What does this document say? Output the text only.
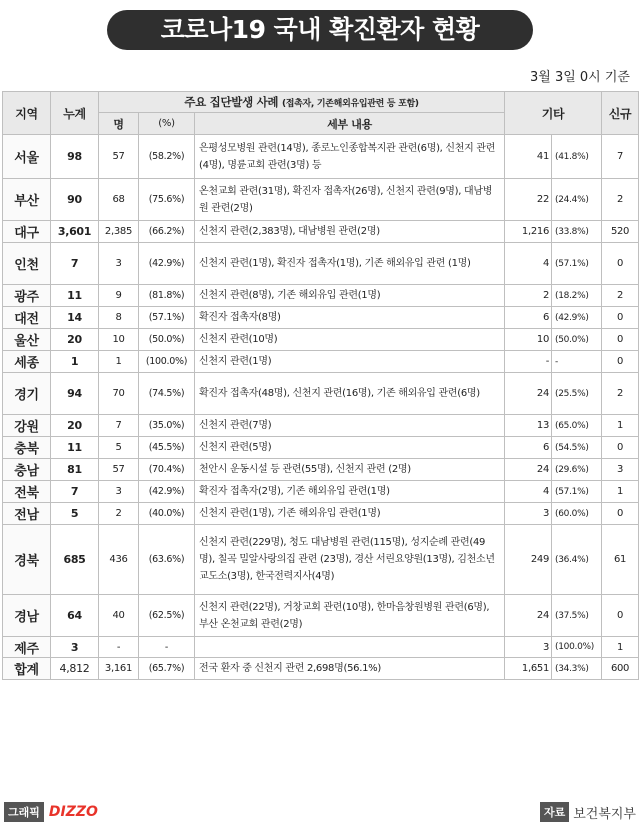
코로나19 국내 확진환자 현황
3월 3일 0시 기준
지역	누계	주요 집단발생 사례 (접촉자, 기존해외유입관련 등 포함)			기타		신규
		명	(%)	세부 내용			
서울	98	57	(58.2%)	은평성모병원 관련(14명), 종로노인종합복지관 관련(6명), 신천지 관련(4명), 명륜교회 관련(3명) 등	41	(41.8%)	7
부산	90	68	(75.6%)	온천교회 관련(31명), 확진자 접촉자(26명), 신천지 관련(9명), 대남병원 관련(2명)	22	(24.4%)	2
대구	3,601	2,385	(66.2%)	신천지 관련(2,383명), 대남병원 관련(2명)	1,216	(33.8%)	520
인천	7	3	(42.9%)	신천지 관련(1명), 확진자 접촉자(1명), 기존 해외유입 관련 (1명)	4	(57.1%)	0
광주	11	9	(81.8%)	신천지 관련(8명), 기존 해외유입 관련(1명)	2	(18.2%)	2
대전	14	8	(57.1%)	확진자 접촉자(8명)	6	(42.9%)	0
울산	20	10	(50.0%)	신천지 관련(10명)	10	(50.0%)	0
세종	1	1	(100.0%)	신천지 관련(1명)	-	-	0
경기	94	70	(74.5%)	확진자 접촉자(48명), 신천지 관련(16명), 기존 해외유입 관련(6명)	24	(25.5%)	2
강원	20	7	(35.0%)	신천지 관련(7명)	13	(65.0%)	1
충북	11	5	(45.5%)	신천지 관련(5명)	6	(54.5%)	0
충남	81	57	(70.4%)	천안시 운동시설 등 관련(55명), 신천지 관련 (2명)	24	(29.6%)	3
전북	7	3	(42.9%)	확진자 접촉자(2명), 기존 해외유입 관련(1명)	4	(57.1%)	1
전남	5	2	(40.0%)	신천지 관련(1명), 기존 해외유입 관련(1명)	3	(60.0%)	0
경북	685	436	(63.6%)	신천지 관련(229명), 청도 대남병원 관련(115명), 성지순례 관련(49명), 칠곡 밀알사랑의집 관련 (23명), 경산 서린요양원(13명), 김천소년교도소(3명), 한국전력지사(4명)	249	(36.4%)	61
경남	64	40	(62.5%)	신천지 관련(22명), 거창교회 관련(10명), 한마음창원병원 관련(6명), 부산 온천교회 관련(2명)	24	(37.5%)	0
제주	3	-	-		3	(100.0%)	1
합계	4,812	3,161	(65.7%)	전국 환자 중 신천지 관련 2,698명(56.1%)	1,651	(34.3%)	600
그래픽 DIZZO	자료 보건복지부
